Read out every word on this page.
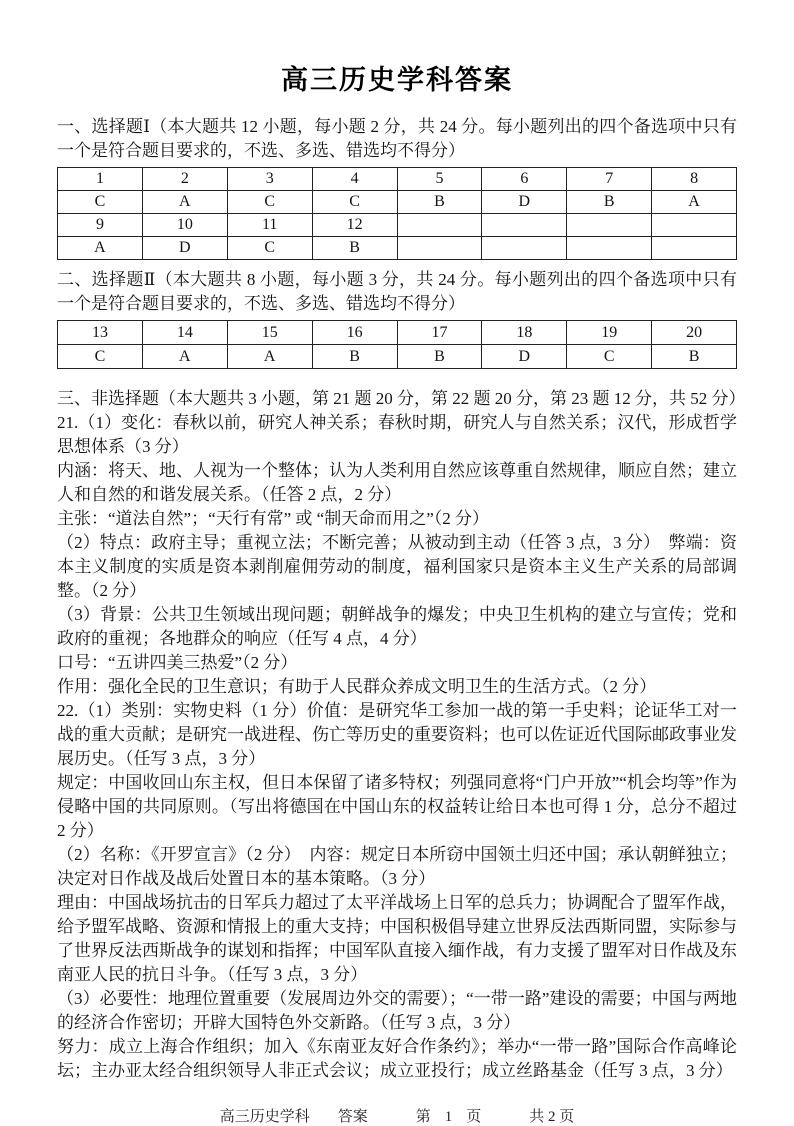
高三历史学科答案

一、选择题Ⅰ（本大题共 12 小题，每小题 2 分，共 24 分。每小题列出的四个备选项中只有一个是符合题目要求的，不选、多选、错选均不得分）

1	2	3	4	5	6	7	8
C	A	C	C	B	D	B	A
9	10	11	12				
A	D	C	B				

二、选择题Ⅱ（本大题共 8 小题，每小题 3 分，共 24 分。每小题列出的四个备选项中只有一个是符合题目要求的，不选、多选、错选均不得分）

13	14	15	16	17	18	19	20
C	A	A	B	B	D	C	B

三、非选择题（本大题共 3 小题，第 21 题 20 分，第 22 题 20 分，第 23 题 12 分，共 52 分）

21.（1）变化：春秋以前，研究人神关系；春秋时期，研究人与自然关系；汉代，形成哲学思想体系（3 分）

内涵：将天、地、人视为一个整体；认为人类利用自然应该尊重自然规律，顺应自然；建立人和自然的和谐发展关系。（任答 2 点，2 分）

主张：“道法自然”；“天行有常” 或 “制天命而用之”（2 分）

（2）特点：政府主导；重视立法；不断完善；从被动到主动（任答 3 点，3 分）　弊端：资本主义制度的实质是资本剥削雇佣劳动的制度，福利国家只是资本主义生产关系的局部调整。（2 分）

（3）背景：公共卫生领域出现问题；朝鲜战争的爆发；中央卫生机构的建立与宣传；党和政府的重视；各地群众的响应（任写 4 点，4 分）

口号：“五讲四美三热爱”（2 分）

作用：强化全民的卫生意识；有助于人民群众养成文明卫生的生活方式。（2 分）

22.（1）类别：实物史料（1 分）价值：是研究华工参加一战的第一手史料；论证华工对一战的重大贡献；是研究一战进程、伤亡等历史的重要资料；也可以佐证近代国际邮政事业发展历史。（任写 3 点，3 分）

规定：中国收回山东主权，但日本保留了诸多特权；列强同意将“门户开放”“机会均等”作为侵略中国的共同原则。（写出将德国在中国山东的权益转让给日本也可得 1 分，总分不超过 2 分）

（2）名称：《开罗宣言》（2 分）　内容：规定日本所窃中国领土归还中国；承认朝鲜独立；决定对日作战及战后处置日本的基本策略。（3 分）

理由：中国战场抗击的日军兵力超过了太平洋战场上日军的总兵力；协调配合了盟军作战，给予盟军战略、资源和情报上的重大支持；中国积极倡导建立世界反法西斯同盟，实际参与了世界反法西斯战争的谋划和指挥；中国军队直接入缅作战，有力支援了盟军对日作战及东南亚人民的抗日斗争。（任写 3 点，3 分）

（3）必要性：地理位置重要（发展周边外交的需要）；“一带一路”建设的需要；中国与两地的经济合作密切；开辟大国特色外交新路。（任写 3 点，3 分）

努力：成立上海合作组织；加入《东南亚友好合作条约》；举办“一带一路”国际合作高峰论坛；主办亚太经合组织领导人非正式会议；成立亚投行；成立丝路基金（任写 3 点，3 分）

高三历史学科 答案	第 1 页	共 2 页
